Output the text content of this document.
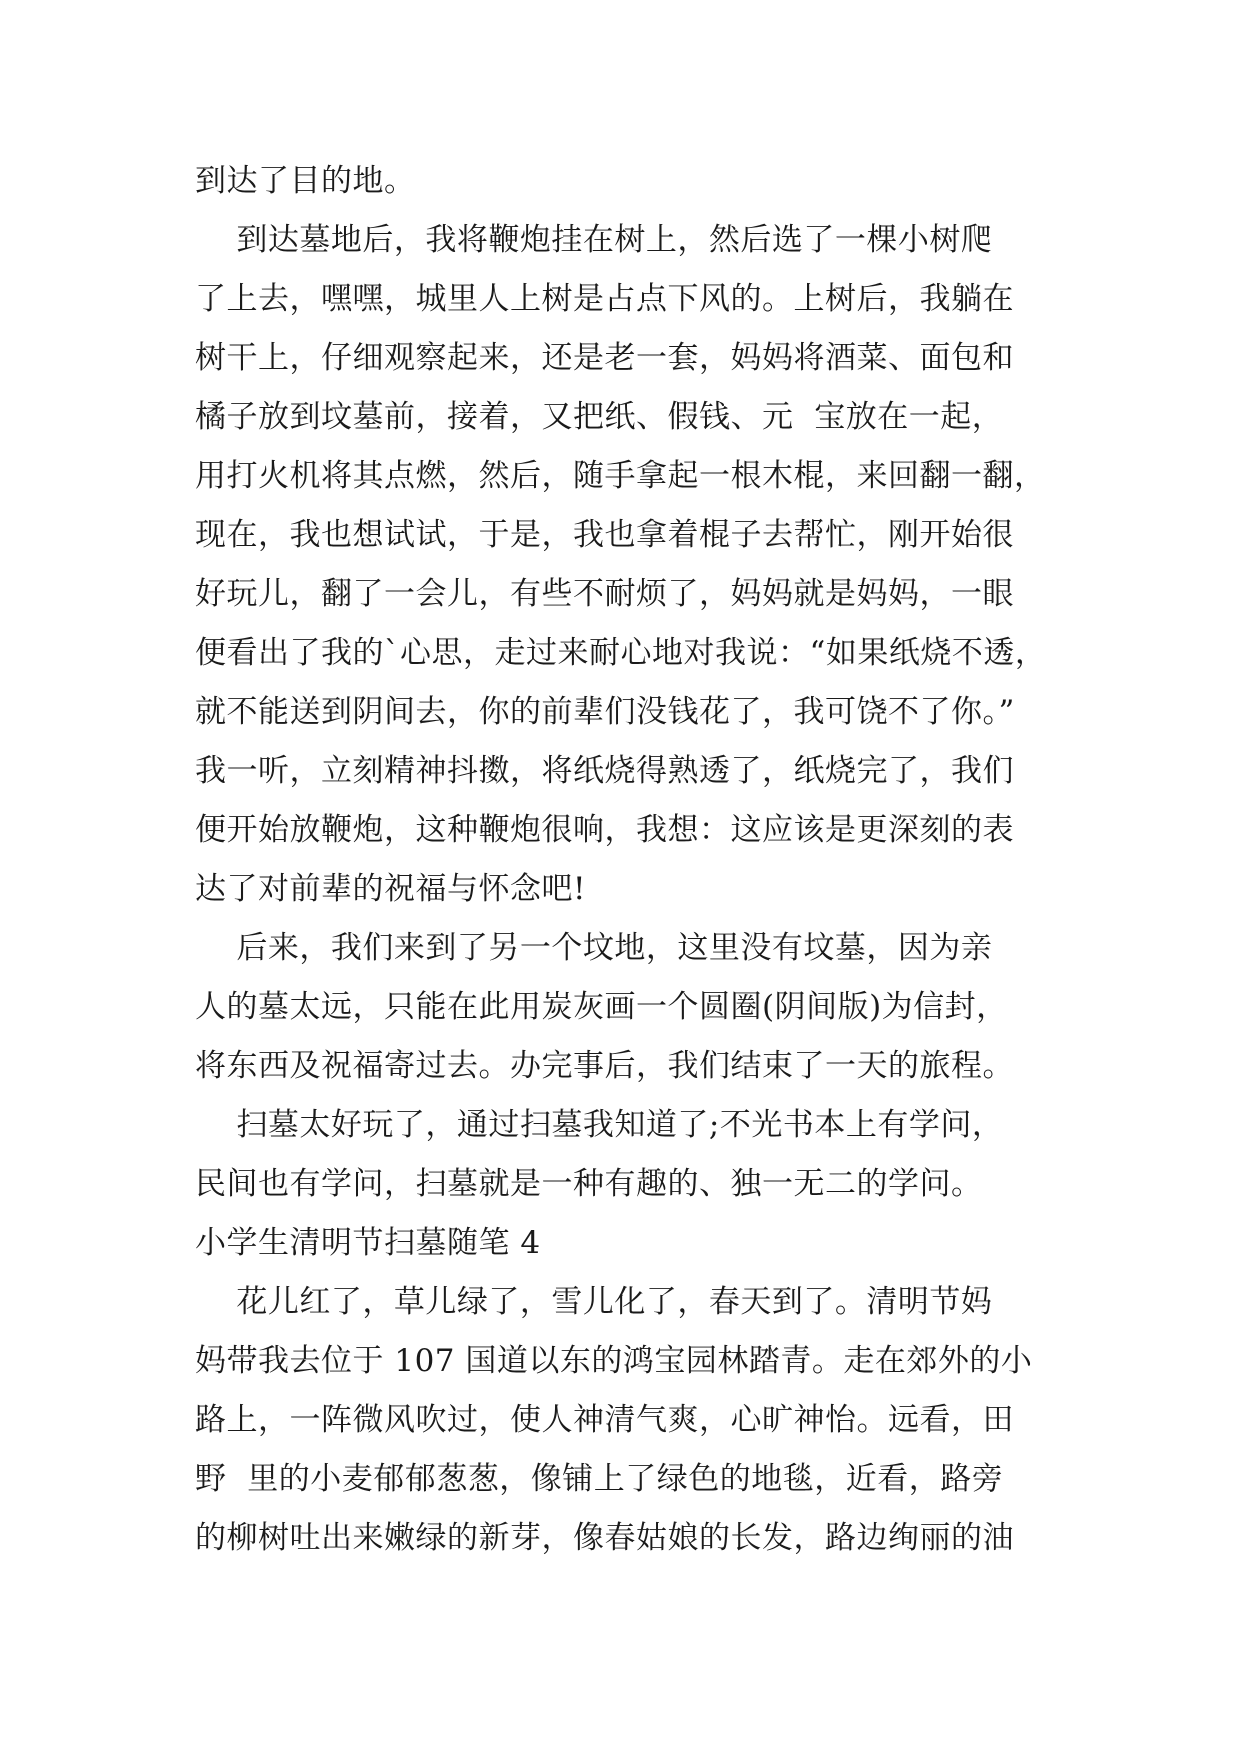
到达了目的地。
到达墓地后，我将鞭炮挂在树上，然后选了一棵小树爬
了上去，嘿嘿，城里人上树是占点下风的。上树后，我躺在
树干上，仔细观察起来，还是老一套，妈妈将酒菜、面包和
橘子放到坟墓前，接着，又把纸、假钱、元  宝放在一起，
用打火机将其点燃，然后，随手拿起一根木棍，来回翻一翻，
现在，我也想试试，于是，我也拿着棍子去帮忙，刚开始很
好玩儿，翻了一会儿，有些不耐烦了，妈妈就是妈妈，一眼
便看出了我的`心思，走过来耐心地对我说：“如果纸烧不透，
就不能送到阴间去，你的前辈们没钱花了，我可饶不了你。”
我一听，立刻精神抖擞，将纸烧得熟透了，纸烧完了，我们
便开始放鞭炮，这种鞭炮很响，我想：这应该是更深刻的表
达了对前辈的祝福与怀念吧!
后来，我们来到了另一个坟地，这里没有坟墓，因为亲
人的墓太远，只能在此用炭灰画一个圆圈(阴间版)为信封，
将东西及祝福寄过去。办完事后，我们结束了一天的旅程。
扫墓太好玩了，通过扫墓我知道了;不光书本上有学问，
民间也有学问，扫墓就是一种有趣的、独一无二的学问。
小学生清明节扫墓随笔 4
花儿红了，草儿绿了，雪儿化了，春天到了。清明节妈
妈带我去位于 107 国道以东的鸿宝园林踏青。走在郊外的小
路上，一阵微风吹过，使人神清气爽，心旷神怡。远看，田
野  里的小麦郁郁葱葱，像铺上了绿色的地毯，近看，路旁
的柳树吐出来嫩绿的新芽，像春姑娘的长发，路边绚丽的油
